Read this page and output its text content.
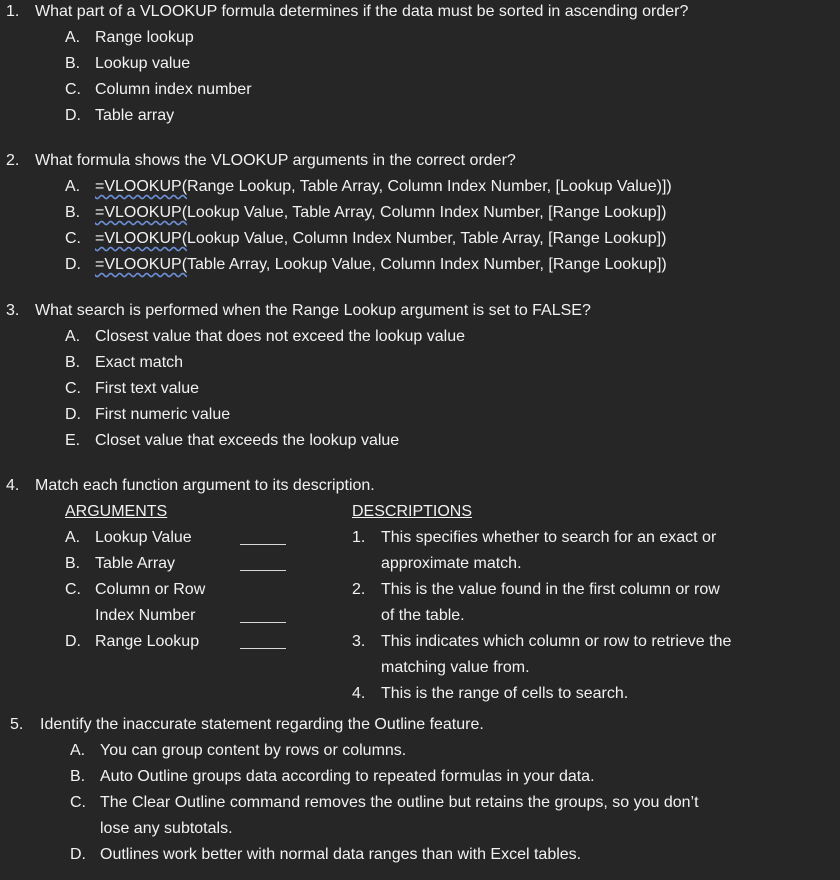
1. What part of a VLOOKUP formula determines if the data must be sorted in ascending order?
A. Range lookup
B. Lookup value
C. Column index number
D. Table array
2. What formula shows the VLOOKUP arguments in the correct order?
A. =VLOOKUP(Range Lookup, Table Array, Column Index Number, [Lookup Value)])
B. =VLOOKUP(Lookup Value, Table Array, Column Index Number, [Range Lookup])
C. =VLOOKUP(Lookup Value, Column Index Number, Table Array, [Range Lookup])
D. =VLOOKUP(Table Array, Lookup Value, Column Index Number, [Range Lookup])
3. What search is performed when the Range Lookup argument is set to FALSE?
A. Closest value that does not exceed the lookup value
B. Exact match
C. First text value
D. First numeric value
E. Closet value that exceeds the lookup value
4. Match each function argument to its description.
ARGUMENTS	DESCRIPTIONS
A. Lookup Value
B. Table Array
C. Column or Row
Index Number
D. Range Lookup
1. This specifies whether to search for an exact or
approximate match.
2. This is the value found in the first column or row
of the table.
3. This indicates which column or row to retrieve the
matching value from.
4. This is the range of cells to search.
5. Identify the inaccurate statement regarding the Outline feature.
A. You can group content by rows or columns.
B. Auto Outline groups data according to repeated formulas in your data.
C. The Clear Outline command removes the outline but retains the groups, so you don’t
lose any subtotals.
D. Outlines work better with normal data ranges than with Excel tables.
